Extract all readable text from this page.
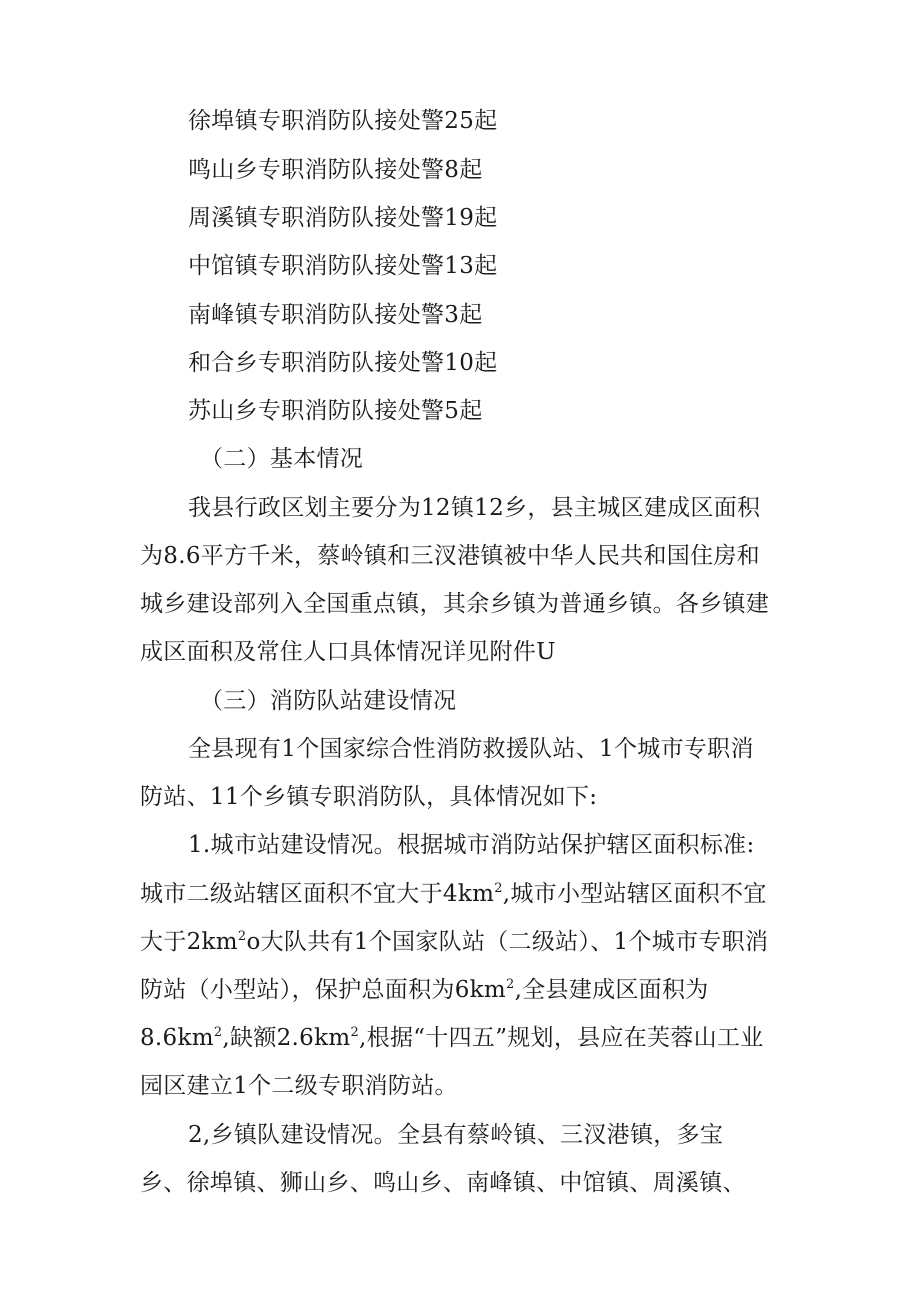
徐埠镇专职消防队接处警25起

鸣山乡专职消防队接处警8起

周溪镇专职消防队接处警19起

中馆镇专职消防队接处警13起

南峰镇专职消防队接处警3起

和合乡专职消防队接处警10起

苏山乡专职消防队接处警5起

（二）基本情况

我县行政区划主要分为12镇12乡，县主城区建成区面积

为8.6平方千米，蔡岭镇和三汊港镇被中华人民共和国住房和

城乡建设部列入全国重点镇，其余乡镇为普通乡镇。各乡镇建

成区面积及常住人口具体情况详见附件U

（三）消防队站建设情况

全县现有1个国家综合性消防救援队站、1个城市专职消

防站、11个乡镇专职消防队，具体情况如下:

1.城市站建设情况。根据城市消防站保护辖区面积标准:

城市二级站辖区面积不宜大于$4km^2$,城市小型站辖区面积不宜

大于$2km^2o$大队共有1个国家队站（二级站）、1个城市专职消

防站（小型站），保护总面积为$6km^2$,全县建成区面积为

$8.6km^2$,缺额$2.6km^2$,根据“十四五”规划，县应在芙蓉山工业

园区建立1个二级专职消防站。

2,乡镇队建设情况。全县有蔡岭镇、三汊港镇，多宝

乡、徐埠镇、狮山乡、鸣山乡、南峰镇、中馆镇、周溪镇、
